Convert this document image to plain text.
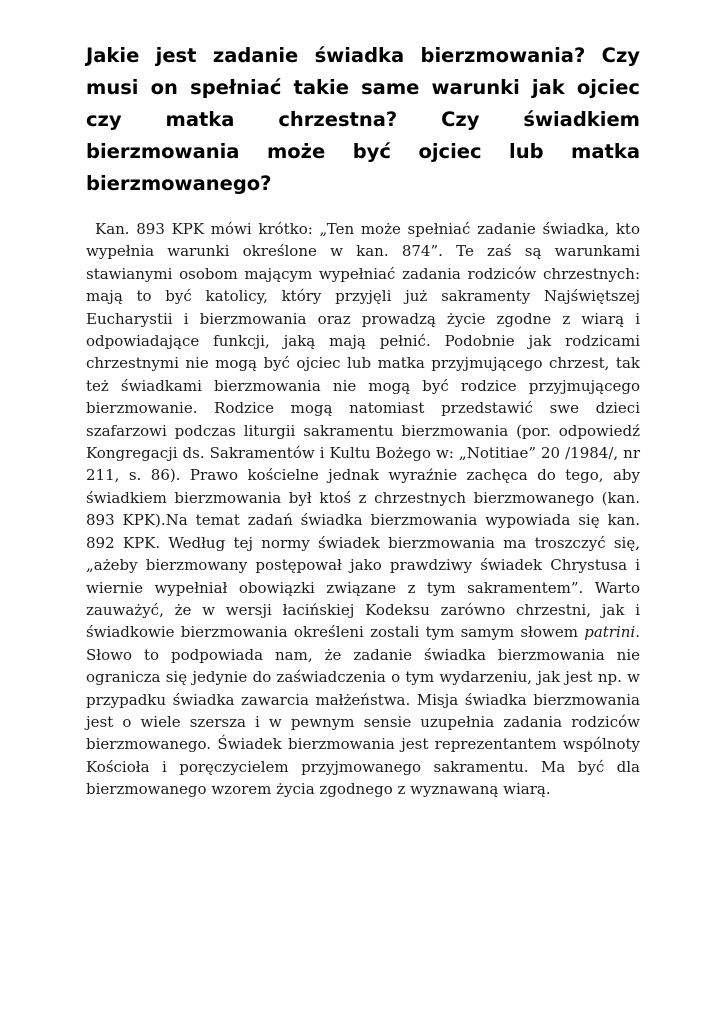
Jakie jest zadanie świadka bierzmowania? Czy musi on spełniać takie same warunki jak ojciec czy matka chrzestna? Czy świadkiem bierzmowania może być ojciec lub matka bierzmowanego?

Kan. 893 KPK mówi krótko: „Ten może spełniać zadanie świadka, kto wypełnia warunki określone w kan. 874”. Te zaś są warunkami stawianymi osobom mającym wypełniać zadania rodziców chrzestnych: mają to być katolicy, który przyjęli już sakramenty Najświętszej Eucharystii i bierzmowania oraz prowadzą życie zgodne z wiarą i odpowiadające funkcji, jaką mają pełnić. Podobnie jak rodzicami chrzestnymi nie mogą być ojciec lub matka przyjmującego chrzest, tak też świadkami bierzmowania nie mogą być rodzice przyjmującego bierzmowanie. Rodzice mogą natomiast przedstawić swe dzieci szafarzowi podczas liturgii sakramentu bierzmowania (por. odpowiedź Kongregacji ds. Sakramentów i Kultu Bożego w: „Notitiae” 20 /1984/, nr 211, s. 86). Prawo kościelne jednak wyraźnie zachęca do tego, aby świadkiem bierzmowania był ktoś z chrzestnych bierzmowanego (kan. 893 KPK).Na temat zadań świadka bierzmowania wypowiada się kan. 892 KPK. Według tej normy świadek bierzmowania ma troszczyć się, „ażeby bierzmowany postępował jako prawdziwy świadek Chrystusa i wiernie wypełniał obowiązki związane z tym sakramentem”. Warto zauważyć, że w wersji łacińskiej Kodeksu zarówno chrzestni, jak i świadkowie bierzmowania określeni zostali tym samym słowem patrini. Słowo to podpowiada nam, że zadanie świadka bierzmowania nie ogranicza się jedynie do zaświadczenia o tym wydarzeniu, jak jest np. w przypadku świadka zawarcia małżeństwa. Misja świadka bierzmowania jest o wiele szersza i w pewnym sensie uzupełnia zadania rodziców bierzmowanego. Świadek bierzmowania jest reprezentantem wspólnoty Kościoła i poręczycielem przyjmowanego sakramentu. Ma być dla bierzmowanego wzorem życia zgodnego z wyznawaną wiarą.
